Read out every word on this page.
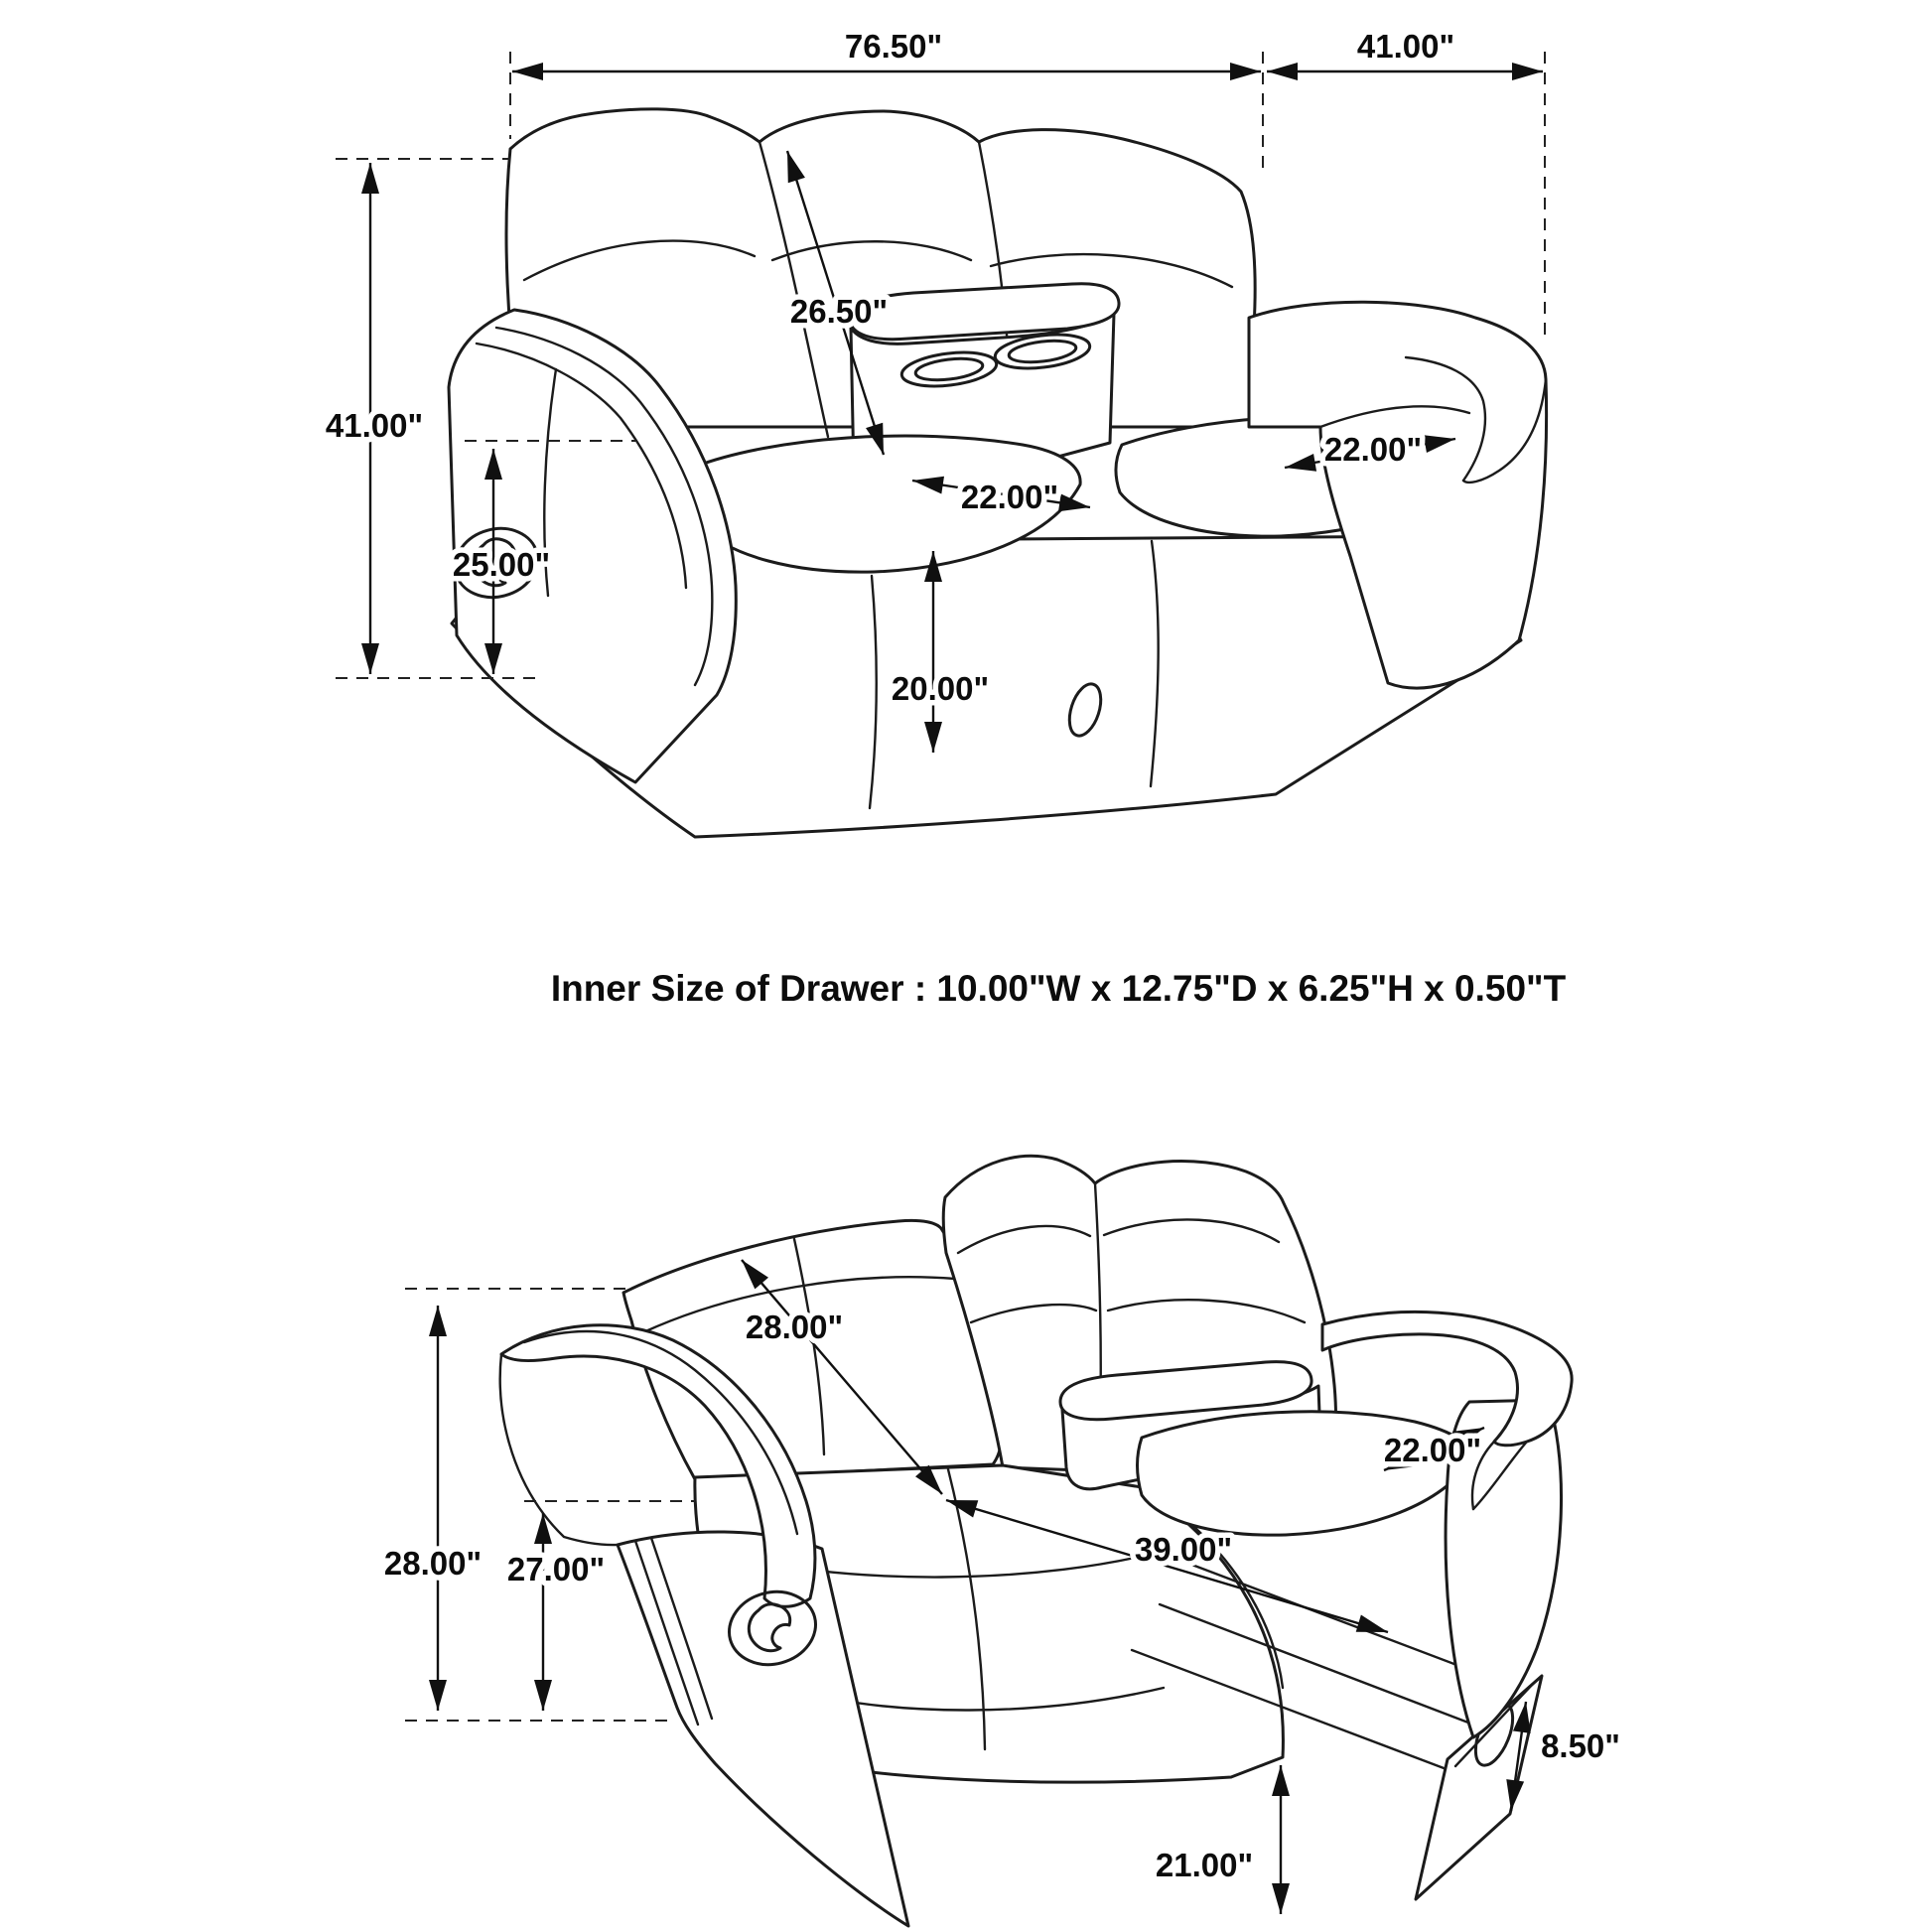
76.50"	41.00"
41.00"
25.00"
26.50"
22.00"
22.00"
20.00"
Inner Size of Drawer : 10.00"W x 12.75"D x 6.25"H x 0.50"T
28.00" 27.00"
28.00"
39.00"
22.00"
8.50"
21.00"
